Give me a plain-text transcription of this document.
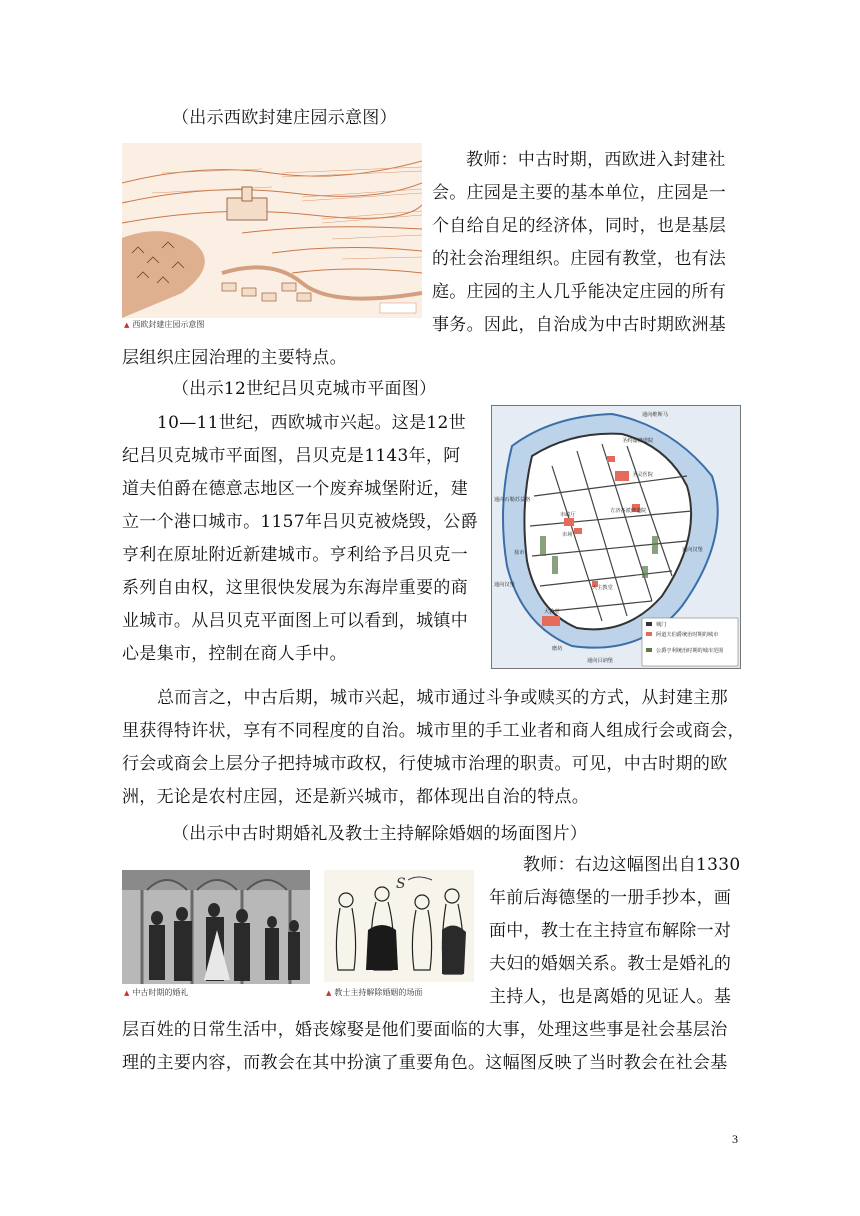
（出示西欧封建庄园示意图）
（出示12世纪吕贝克城市平面图）
（出示中古时期婚礼及教士主持解除婚姻的场面图片）
▲ 西欧封建庄园示意图
教师：中古时期，西欧进入封建社
会。庄园是主要的基本单位，庄园是一
个自给自足的经济体，同时，也是基层
的社会治理组织。庄园有教堂，也有法
庭。庄园的主人几乎能决定庄园的所有
事务。因此，自治成为中古时期欧洲基
层组织庄园治理的主要特点。
10—11世纪，西欧城市兴起。这是12世
纪吕贝克城市平面图，吕贝克是1143年，阿
道夫伯爵在德意志地区一个废弃城堡附近，建
立一个港口城市。1157年吕贝克被烧毁，公爵
亨利在原址附近新建城市。亨利给予吕贝克一
系列自由权，这里很快发展为东海岸重要的商
业城市。从吕贝克平面图上可以看到，城镇中
心是集市，控制在商人手中。
通向维斯马
圣约翰修道院
圣灵医院
方济各派修道院
通向汉堡
市场
市政厅
通向石勒苏益格
通向汉堡
盐市
大主教堂
大教堂
磨坊
通向吕讷堡
城门
阿道夫伯爵统治时期的城市
公爵亨利统治时期的城市范围
总而言之，中古后期，城市兴起，城市通过斗争或赎买的方式，从封建主那
里获得特许状，享有不同程度的自治。城市里的手工业者和商人组成行会或商会，
行会或商会上层分子把持城市政权，行使城市治理的职责。可见，中古时期的欧
洲，无论是农村庄园，还是新兴城市，都体现出自治的特点。
▲ 中古时期的婚礼
S
▲ 教士主持解除婚姻的场面
教师：右边这幅图出自1330
年前后海德堡的一册手抄本，画
面中，教士在主持宣布解除一对
夫妇的婚姻关系。教士是婚礼的
主持人，也是离婚的见证人。基
层百姓的日常生活中，婚丧嫁娶是他们要面临的大事，处理这些事是社会基层治
理的主要内容，而教会在其中扮演了重要角色。这幅图反映了当时教会在社会基
3
